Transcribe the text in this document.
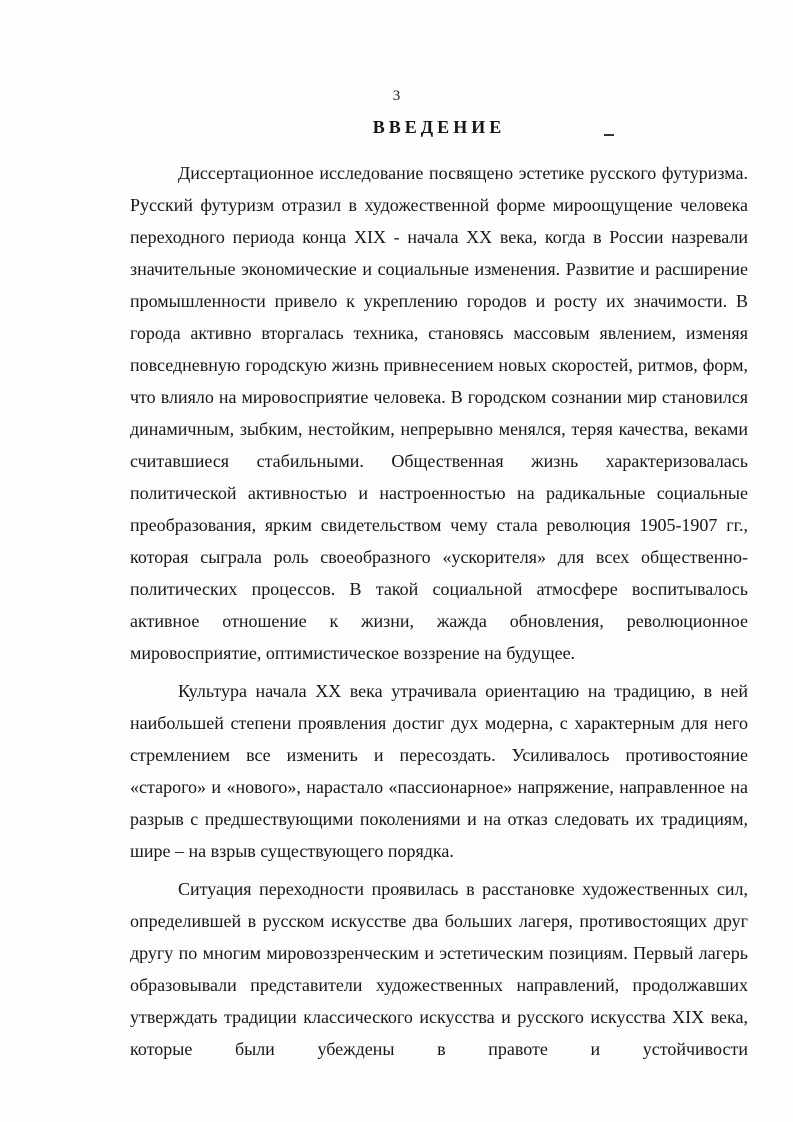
3
ВВЕДЕНИЕ

Диссертационное исследование посвящено эстетике русского футуризма. Русский футуризм отразил в художественной форме мироощущение человека переходного периода конца XIX - начала XX века, когда в России назревали значительные экономические и социальные изменения. Развитие и расширение промышленности привело к укреплению городов и росту их значимости. В города активно вторгалась техника, становясь массовым явлением, изменяя повседневную городскую жизнь привнесением новых скоростей, ритмов, форм, что влияло на мировосприятие человека. В городском сознании мир становился динамичным, зыбким, нестойким, непрерывно менялся, теряя качества, веками считавшиеся стабильными. Общественная жизнь характеризовалась политической активностью и настроенностью на радикальные социальные преобразования, ярким свидетельством чему стала революция 1905-1907 гг., которая сыграла роль своеобразного «ускорителя» для всех общественно-политических процессов. В такой социальной атмосфере воспитывалось активное отношение к жизни, жажда обновления, революционное мировосприятие, оптимистическое воззрение на будущее.

Культура начала XX века утрачивала ориентацию на традицию, в ней наибольшей степени проявления достиг дух модерна, с характерным для него стремлением все изменить и пересоздать. Усиливалось противостояние «старого» и «нового», нарастало «пассионарное» напряжение, направленное на разрыв с предшествующими поколениями и на отказ следовать их традициям, шире – на взрыв существующего порядка.

Ситуация переходности проявилась в расстановке художественных сил, определившей в русском искусстве два больших лагеря, противостоящих друг другу по многим мировоззренческим и эстетическим позициям. Первый лагерь образовывали представители художественных направлений, продолжавших утверждать традиции классического искусства и русского искусства XIX века, которые были убеждены в правоте и устойчивости
